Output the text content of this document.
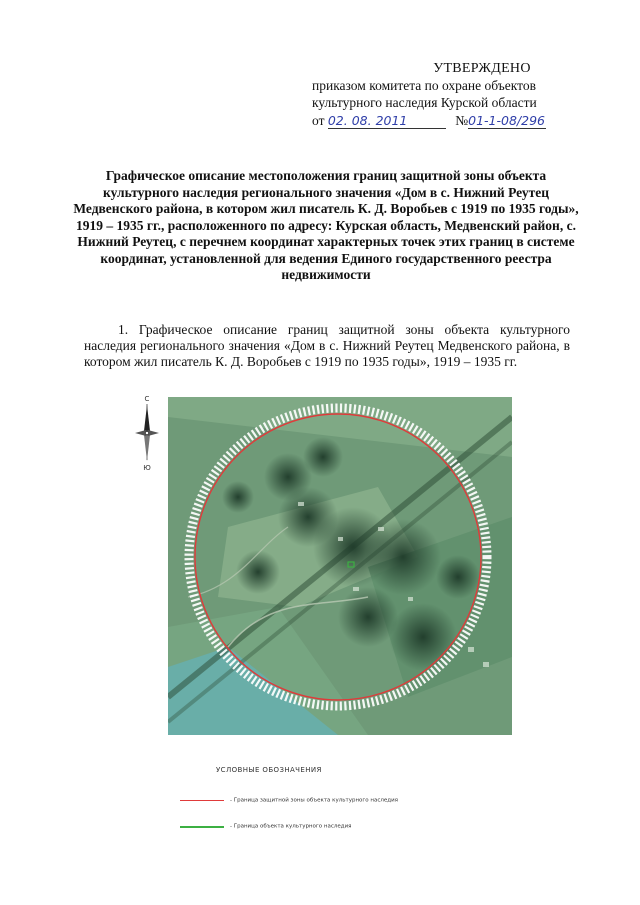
УТВЕРЖДЕНО
приказом комитета по охране объектов
культурного наследия Курской области
от 02. 08. 2011	№01-1-08/296
Графическое описание местоположения границ защитной зоны объекта культурного наследия регионального значения «Дом в с. Нижний Реутец Медвенского района, в котором жил писатель К. Д. Воробьев с 1919 по 1935 годы», 1919 – 1935 гг., расположенного по адресу: Курская область, Медвенский район, с. Нижний Реутец, с перечнем координат характерных точек этих границ в системе координат, установленной для ведения Единого государственного реестра недвижимости
1. Графическое описание границ защитной зоны объекта культурного наследия регионального значения «Дом в с. Нижний Реутец Медвенского района, в котором жил писатель К. Д. Воробьев с 1919 по 1935 годы», 1919 – 1935 гг.
С
Ю
УСЛОВНЫЕ ОБОЗНАЧЕНИЯ
- Граница защитной зоны объекта культурного наследия
- Граница объекта культурного наследия
